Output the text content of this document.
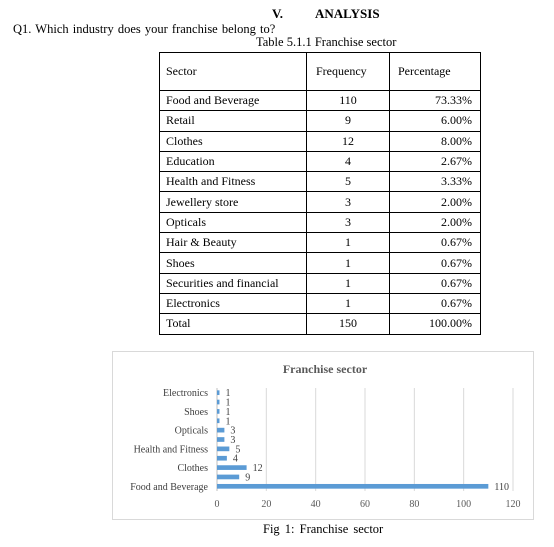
V. ANALYSIS
Q1. Which industry does your franchise belong to?
Table 5.1.1 Franchise sector
Sector	Frequency	Percentage
Food and Beverage	110	73.33%
Retail	9	6.00%
Clothes	12	8.00%
Education	4	2.67%
Health and Fitness	5	3.33%
Jewellery store	3	2.00%
Opticals	3	2.00%
Hair & Beauty	1	0.67%
Shoes	1	0.67%
Securities and financial	1	0.67%
Electronics	1	0.67%
Total	150	100.00%
Franchise sector
0	20	40	60	80	100	120
110
Food and Beverage
9
12
Clothes
4
5
Health and Fitness
3
3
Opticals
1
1
Shoes
1
1
Electronics
Fig 1: Franchise sector
